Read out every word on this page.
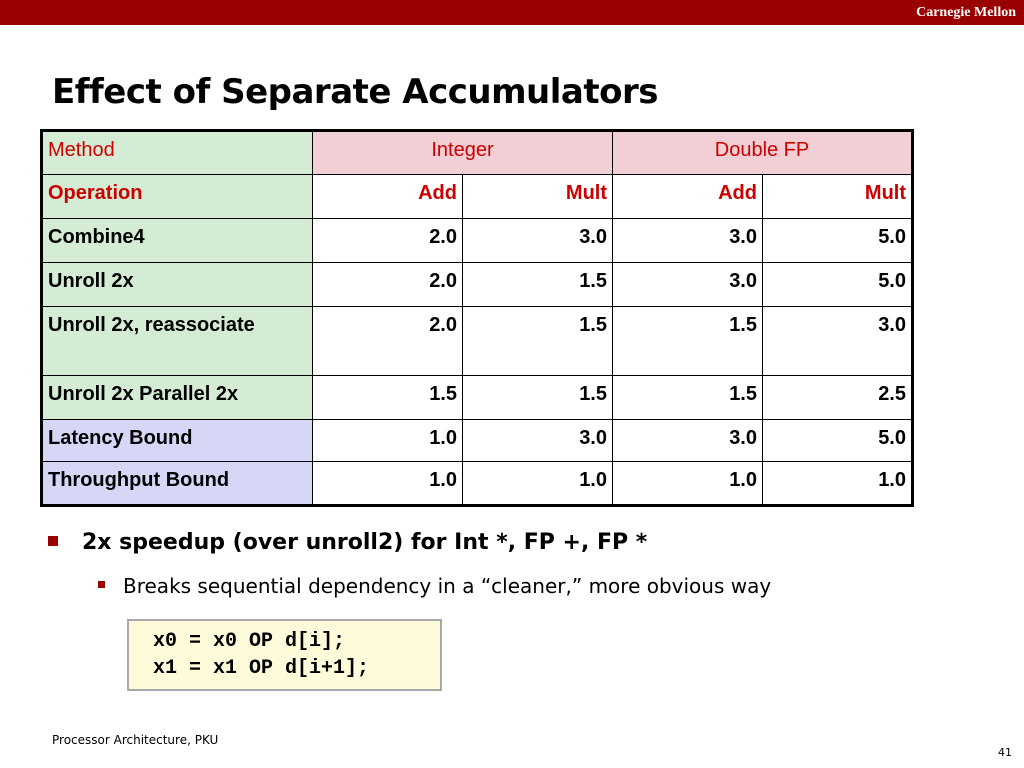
Carnegie Mellon
Effect of Separate Accumulators
Method	Integer		Double FP	
Operation	Add	Mult	Add	Mult
Combine4	2.0	3.0	3.0	5.0
Unroll 2x	2.0	1.5	3.0	5.0
Unroll 2x, reassociate	2.0	1.5	1.5	3.0
Unroll 2x Parallel 2x	1.5	1.5	1.5	2.5
Latency Bound	1.0	3.0	3.0	5.0
Throughput Bound	1.0	1.0	1.0	1.0
2x speedup (over unroll2) for Int *, FP +, FP *
Breaks sequential dependency in a “cleaner,” more obvious way
x0 = x0 OP d[i];
x1 = x1 OP d[i+1];
Processor Architecture, PKU
41
